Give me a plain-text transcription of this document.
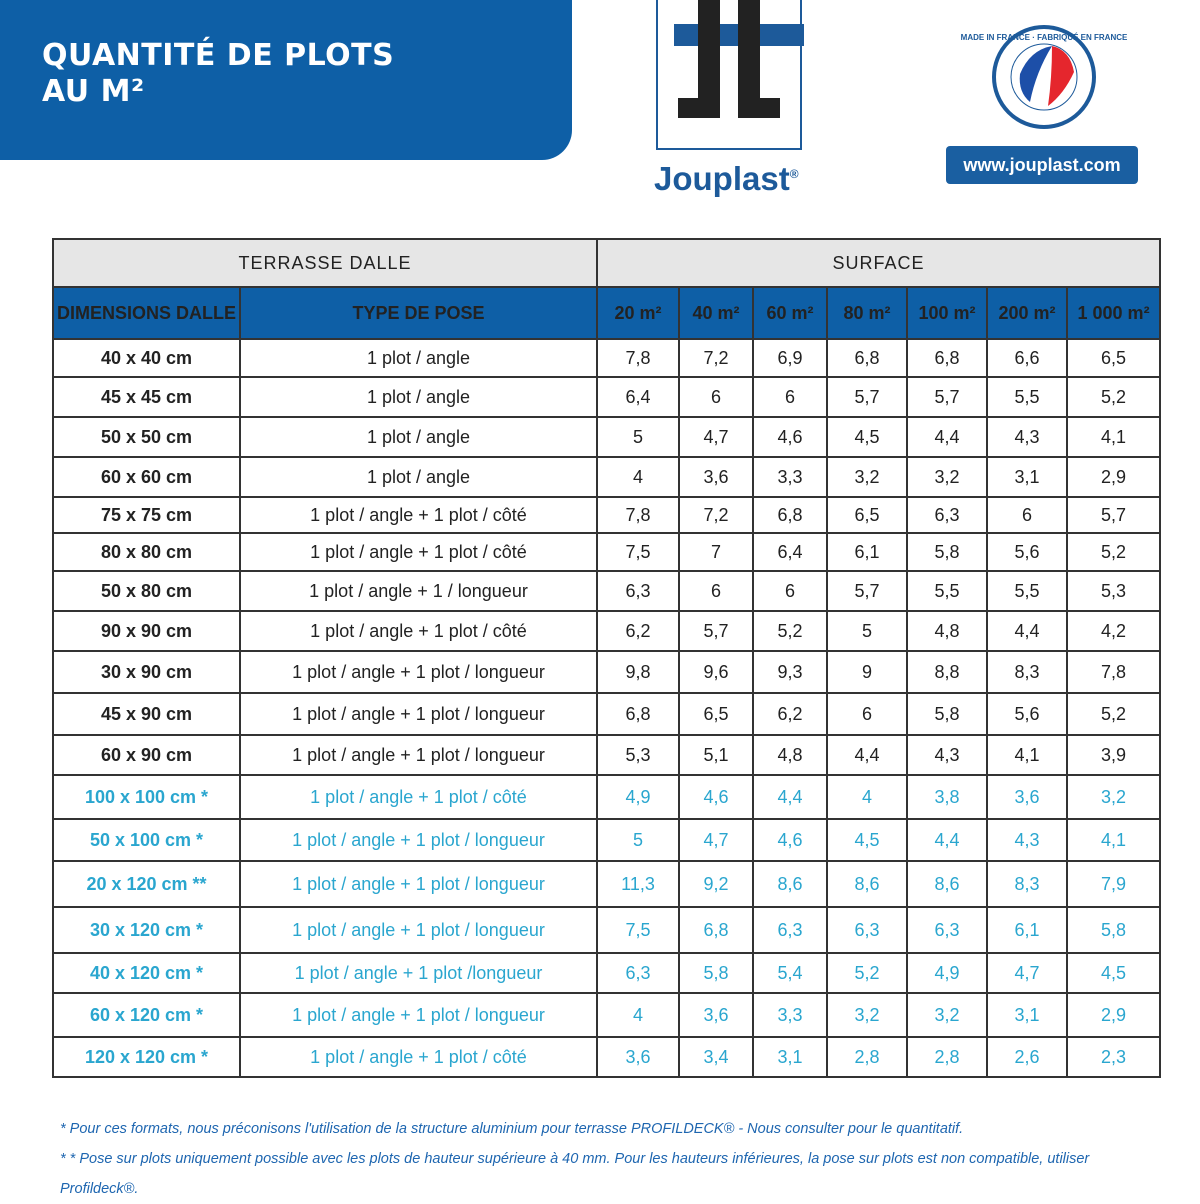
QUANTITÉ DE PLOTS
AU M²
Jouplast®
MADE IN FRANCE · FABRIQUÉ EN FRANCE
www.jouplast.com
TERRASSE DALLE		SURFACE						
DIMENSIONS DALLE	TYPE DE POSE	20 m²	40 m²	60 m²	80 m²	100 m²	200 m²	1 000 m²
40 x 40 cm	1 plot / angle	7,8	7,2	6,9	6,8	6,8	6,6	6,5
45 x 45 cm	1 plot / angle	6,4	6	6	5,7	5,7	5,5	5,2
50 x 50 cm	1 plot / angle	5	4,7	4,6	4,5	4,4	4,3	4,1
60 x 60 cm	1 plot / angle	4	3,6	3,3	3,2	3,2	3,1	2,9
75 x 75 cm	1 plot / angle + 1 plot / côté	7,8	7,2	6,8	6,5	6,3	6	5,7
80 x 80 cm	1 plot / angle + 1 plot / côté	7,5	7	6,4	6,1	5,8	5,6	5,2
50 x 80 cm	1 plot / angle + 1 / longueur	6,3	6	6	5,7	5,5	5,5	5,3
90 x 90 cm	1 plot / angle + 1 plot / côté	6,2	5,7	5,2	5	4,8	4,4	4,2
30 x 90 cm	1 plot / angle + 1 plot / longueur	9,8	9,6	9,3	9	8,8	8,3	7,8
45 x 90 cm	1 plot / angle + 1 plot / longueur	6,8	6,5	6,2	6	5,8	5,6	5,2
60 x 90 cm	1 plot / angle + 1 plot / longueur	5,3	5,1	4,8	4,4	4,3	4,1	3,9
100 x 100 cm *	1 plot / angle + 1 plot / côté	4,9	4,6	4,4	4	3,8	3,6	3,2
50 x 100 cm *	1 plot / angle + 1 plot / longueur	5	4,7	4,6	4,5	4,4	4,3	4,1
20 x 120 cm **	1 plot / angle + 1 plot / longueur	11,3	9,2	8,6	8,6	8,6	8,3	7,9
30 x 120 cm *	1 plot / angle + 1 plot / longueur	7,5	6,8	6,3	6,3	6,3	6,1	5,8
40 x 120 cm *	1 plot / angle + 1 plot /longueur	6,3	5,8	5,4	5,2	4,9	4,7	4,5
60 x 120 cm *	1 plot / angle + 1 plot / longueur	4	3,6	3,3	3,2	3,2	3,1	2,9
120 x 120 cm *	1 plot / angle + 1 plot / côté	3,6	3,4	3,1	2,8	2,8	2,6	2,3

* Pour ces formats, nous préconisons l'utilisation de la structure aluminium pour terrasse PROFILDECK® - Nous consulter pour le quantitatif.

* * Pose sur plots uniquement possible avec les plots de hauteur supérieure à 40 mm. Pour les hauteurs inférieures, la pose sur plots est non compatible, utiliser Profildeck®.
